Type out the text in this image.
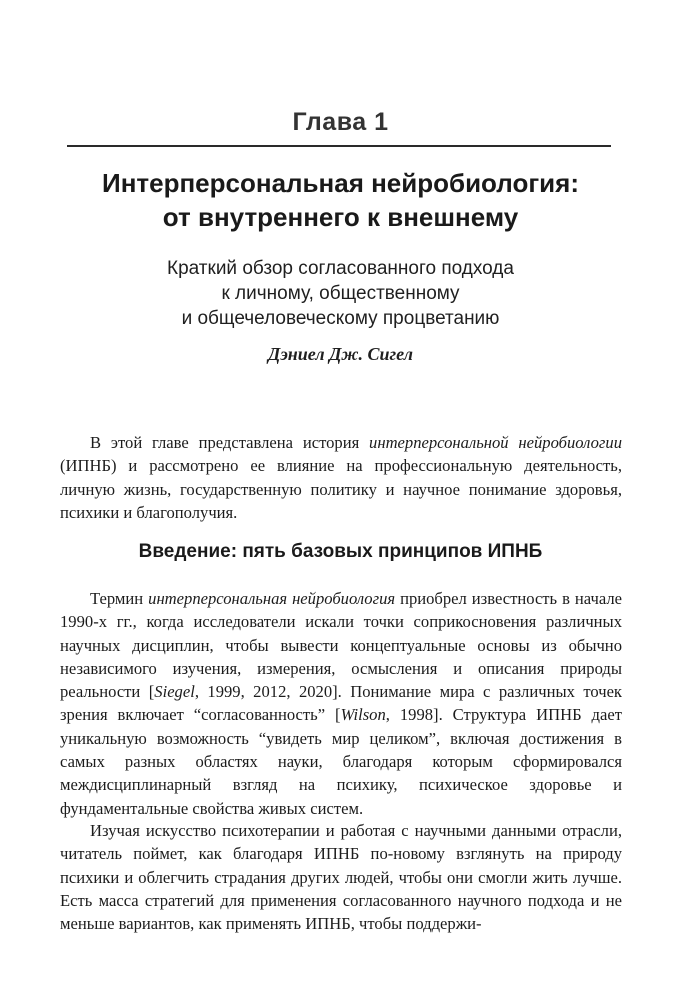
Глава 1
Интерперсональная нейробиология:
от внутреннего к внешнему
Краткий обзор согласованного подхода
к личному, общественному
и общечеловеческому процветанию
Дэниел Дж. Сигел

В этой главе представлена история интерперсональной нейробиологии (ИПНБ) и рассмотрено ее влияние на профессиональную деятельность, личную жизнь, государственную политику и научное понимание здоровья, психики и благополучия.

Введение: пять базовых принципов ИПНБ

Термин интерперсональная нейробиология приобрел известность в начале 1990-х гг., когда исследователи искали точки соприкосновения различных научных дисциплин, чтобы вывести концептуальные основы из обычно независимого изучения, измерения, осмысления и описания природы реальности [Siegel, 1999, 2012, 2020]. Понимание мира с различных точек зрения включает “согласованность” [Wilson, 1998]. Структура ИПНБ дает уникальную возможность “увидеть мир целиком”, включая достижения в самых разных областях науки, благодаря которым сформировался междисциплинарный взгляд на психику, психическое здоровье и фундаментальные свойства живых систем.

Изучая искусство психотерапии и работая с научными данными отрасли, читатель поймет, как благодаря ИПНБ по-новому взглянуть на природу психики и облегчить страдания других людей, чтобы они смогли жить лучше. Есть масса стратегий для применения согласованного научного подхода и не меньше вариантов, как применять ИПНБ, чтобы поддержи-
